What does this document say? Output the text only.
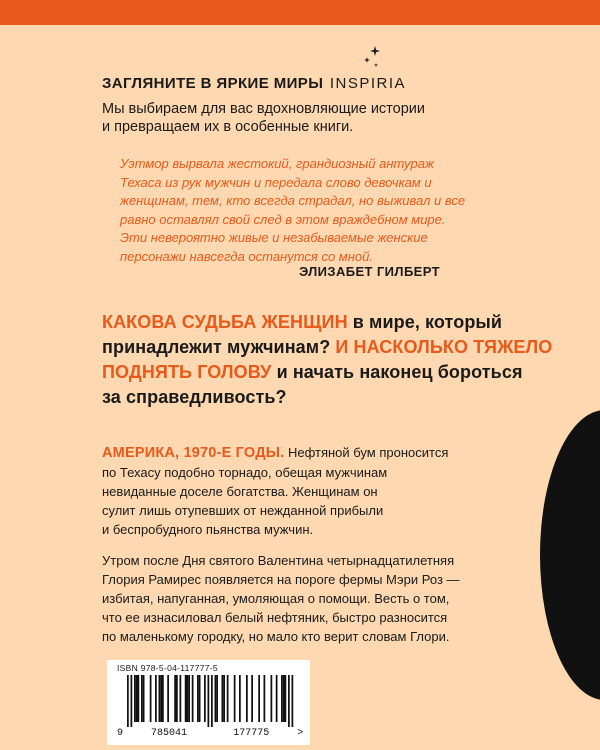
ЗАГЛЯНИТЕ В ЯРКИЕ МИРЫ INSPIRIA
Мы выбираем для вас вдохновляющие истории
и превращаем их в особенные книги.
Уэтмор вырвала жестокий, грандиозный антураж
Техаса из рук мужчин и передала слово девочкам и
женщинам, тем, кто всегда страдал, но выживал и все
равно оставлял свой след в этом враждебном мире.
Эти невероятно живые и незабываемые женские
персонажи навсегда останутся со мной.
ЭЛИЗАБЕТ ГИЛБЕРТ
КАКОВА СУДЬБА ЖЕНЩИН в мире, который
принадлежит мужчинам? И НАСКОЛЬКО ТЯЖЕЛО
ПОДНЯТЬ ГОЛОВУ и начать наконец бороться
за справедливость?
АМЕРИКА, 1970-Е ГОДЫ. Нефтяной бум проносится
по Техасу подобно торнадо, обещая мужчинам
невиданные доселе богатства. Женщинам он
сулит лишь отупевших от нежданной прибыли
и беспробудного пьянства мужчин.
Утром после Дня святого Валентина четырнадцатилетняя
Глория Рамирес появляется на пороге фермы Мэри Роз —
избитая, напуганная, умоляющая о помощи. Весть о том,
что ее изнасиловал белый нефтяник, быстро разносится
по маленькому городку, но мало кто верит словам Глори.
ISBN 978-5-04-117777-5
9	785041	177775	>
